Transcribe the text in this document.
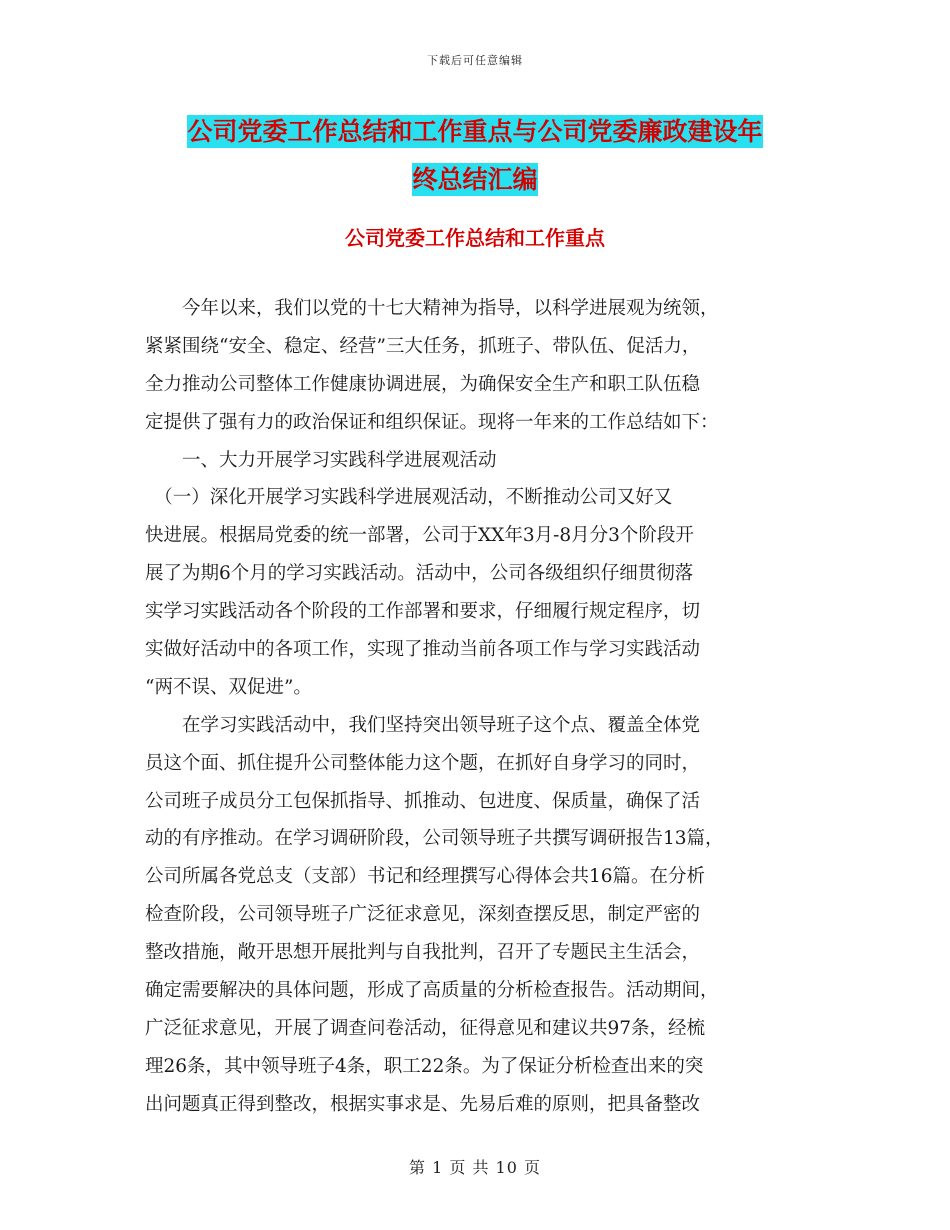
下载后可任意编辑
公司党委工作总结和工作重点与公司党委廉政建设年
终总结汇编
公司党委工作总结和工作重点
　　今年以来，我们以党的十七大精神为指导，以科学进展观为统领，
紧紧围绕“安全、稳定、经营”三大任务，抓班子、带队伍、促活力，
全力推动公司整体工作健康协调进展，为确保安全生产和职工队伍稳
定提供了强有力的政治保证和组织保证。现将一年来的工作总结如下：
　　一、大力开展学习实践科学进展观活动
　（一）深化开展学习实践科学进展观活动，不断推动公司又好又
快进展。根据局党委的统一部署，公司于XX年3月-8月分3个阶段开
展了为期6个月的学习实践活动。活动中，公司各级组织仔细贯彻落
实学习实践活动各个阶段的工作部署和要求，仔细履行规定程序，切
实做好活动中的各项工作，实现了推动当前各项工作与学习实践活动
“两不误、双促进”。
　　在学习实践活动中，我们坚持突出领导班子这个点、覆盖全体党
员这个面、抓住提升公司整体能力这个题，在抓好自身学习的同时，
公司班子成员分工包保抓指导、抓推动、包进度、保质量，确保了活
动的有序推动。在学习调研阶段，公司领导班子共撰写调研报告13篇，
公司所属各党总支（支部）书记和经理撰写心得体会共16篇。在分析
检查阶段，公司领导班子广泛征求意见，深刻查摆反思，制定严密的
整改措施，敞开思想开展批判与自我批判，召开了专题民主生活会，
确定需要解决的具体问题，形成了高质量的分析检查报告。活动期间，
广泛征求意见，开展了调查问卷活动，征得意见和建议共97条，经梳
理26条，其中领导班子4条，职工22条。为了保证分析检查出来的突
出问题真正得到整改，根据实事求是、先易后难的原则，把具备整改
第 1 页 共 10 页
